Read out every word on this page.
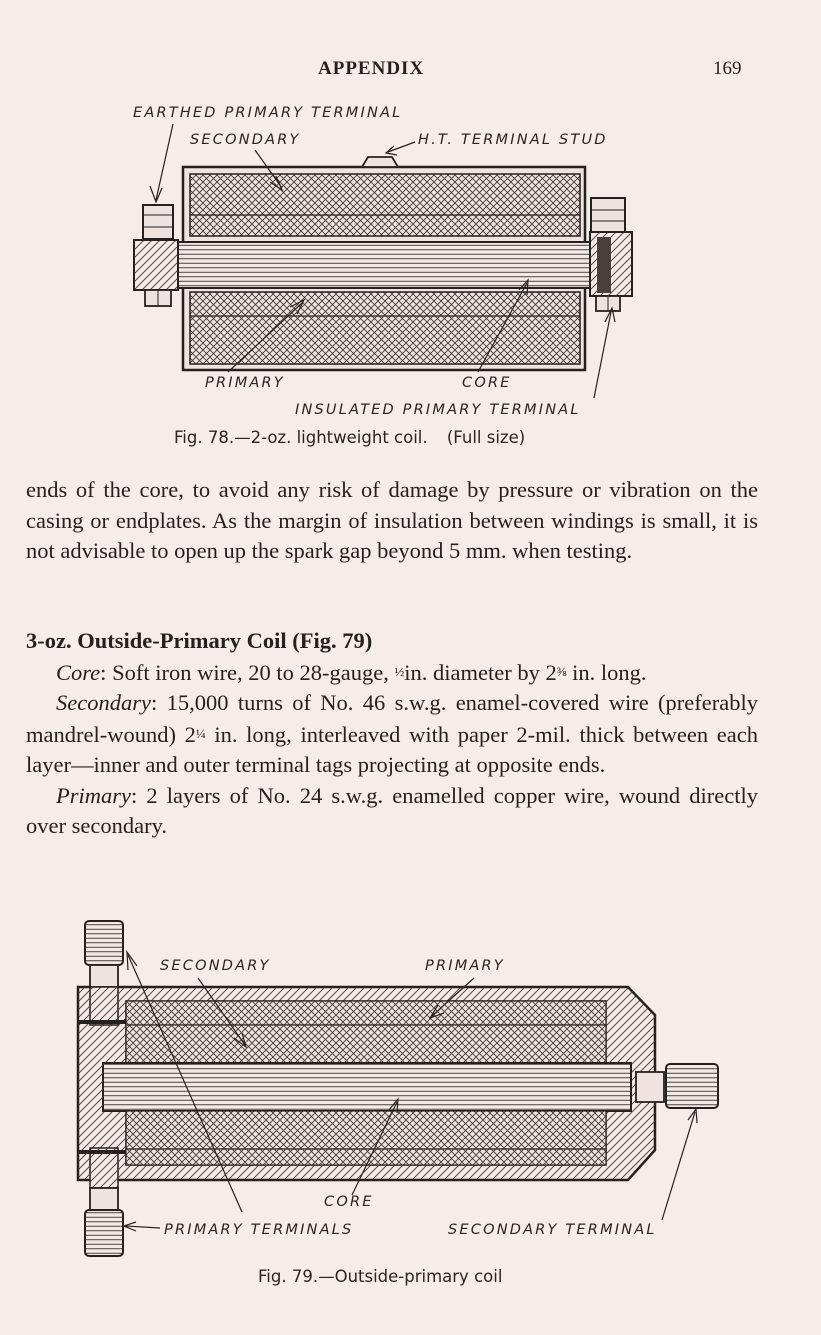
APPENDIX	169
EARTHED PRIMARY TERMINAL
SECONDARY	H.T. TERMINAL STUD
PRIMARY	CORE
INSULATED PRIMARY TERMINAL
Fig. 78.—2-oz. lightweight coil. (Full size)

ends of the core, to avoid any risk of damage by pressure or vibration on the casing or endplates. As the margin of insulation between windings is small, it is not advisable to open up the spark gap beyond 5 mm. when testing.

3-oz. Outside-Primary Coil (Fig. 79)

Core: Soft iron wire, 20 to 28-gauge, ½in. diameter by 2⅜ in. long.

Secondary: 15,000 turns of No. 46 s.w.g. enamel-covered wire (preferably mandrel-wound) 2¼ in. long, interleaved with paper 2-mil. thick between each layer—inner and outer terminal tags projecting at opposite ends.

Primary: 2 layers of No. 24 s.w.g. enamelled copper wire, wound directly over secondary.

SECONDARY	PRIMARY
CORE
PRIMARY TERMINALS	SECONDARY TERMINAL
Fig. 79.—Outside-primary coil
